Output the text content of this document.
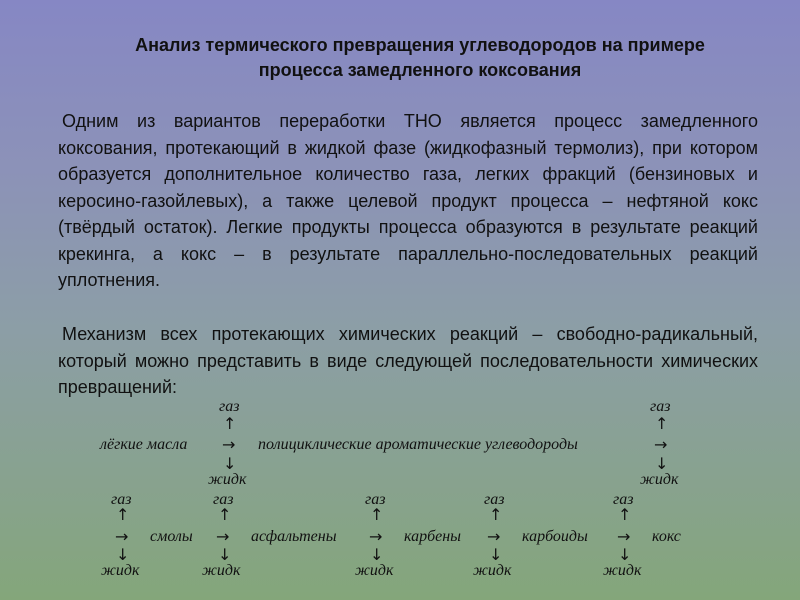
Анализ термического превращения углеводородов на примере
процесса замедленного коксования
Одним из вариантов переработки ТНО является процесс замедленного коксования, протекающий в жидкой фазе (жидкофазный термолиз), при котором образуется дополнительное количество газа, легких фракций (бензиновых и керосино-газойлевых), а также целевой продукт процесса – нефтяной кокс (твёрдый остаток). Легкие продукты процесса образуются в результате реакций крекинга, а кокс – в результате параллельно-последовательных реакций уплотнения.
Механизм всех протекающих химических реакций – свободно-радикальный, который можно представить в виде следующей последовательности химических превращений:
газ
↑
газ
↑
лёгкие масла → полициклические ароматические углеводороды	→
↓
жидк
↓
жидк
газ	газ	газ	газ	газ
↑	↑	↑	↑	↑
→ смолы → асфальтены → карбены → карбоиды → кокс
↓	↓	↓	↓	↓
жидк	жидк	жидк	жидк	жидк
